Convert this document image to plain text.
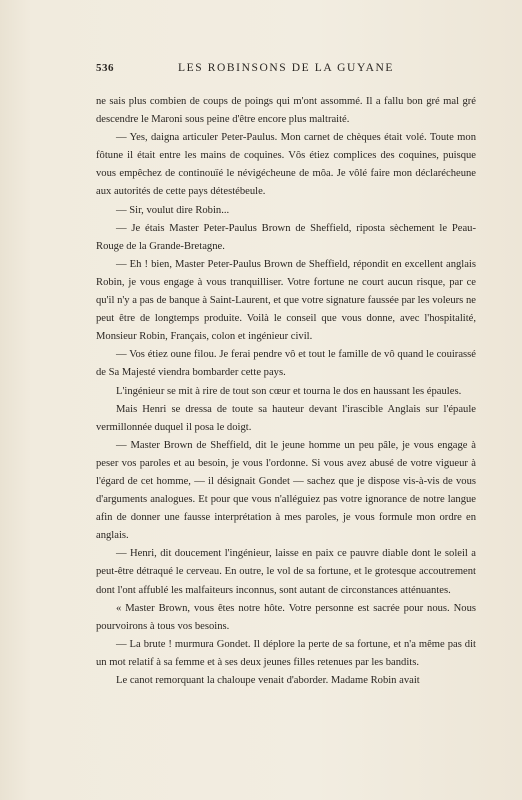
536	LES ROBINSONS DE LA GUYANE

ne sais plus combien de coups de poings qui m'ont assommé. Il a fallu bon gré mal gré descendre le Maroni sous peine d'être encore plus maltraité.

— Yes, daigna articuler Peter-Paulus. Mon carnet de chèques était volé. Toute mon fôtune il était entre les mains de coquines. Vôs étiez complices des coquines, puisque vous empêchez de continouïé le névigécheune de môa. Je vôlé faire mon déclarécheune aux autorités de cette pays détestébeule.

— Sir, voulut dire Robin...

— Je étais Master Peter-Paulus Brown de Sheffield, riposta sèchement le Peau-Rouge de la Grande-Bretagne.

— Eh ! bien, Master Peter-Paulus Brown de Sheffield, répondit en excellent anglais Robin, je vous engage à vous tranquilliser. Votre fortune ne court aucun risque, par ce qu'il n'y a pas de banque à Saint-Laurent, et que votre signature faussée par les voleurs ne peut être de longtemps produite. Voilà le conseil que vous donne, avec l'hospitalité, Monsieur Robin, Français, colon et ingénieur civil.

— Vos étiez oune filou. Je ferai pendre vô et tout le famille de vô quand le couirassé de Sa Majesté viendra bombarder cette pays.

L'ingénieur se mit à rire de tout son cœur et tourna le dos en haussant les épaules.

Mais Henri se dressa de toute sa hauteur devant l'irascible Anglais sur l'épaule vermillonnée duquel il posa le doigt.

— Master Brown de Sheffield, dit le jeune homme un peu pâle, je vous engage à peser vos paroles et au besoin, je vous l'ordonne. Si vous avez abusé de votre vigueur à l'égard de cet homme, — il désignait Gondet — sachez que je dispose vis-à-vis de vous d'arguments analogues. Et pour que vous n'alléguiez pas votre ignorance de notre langue afin de donner une fausse interprétation à mes paroles, je vous formule mon ordre en anglais.

— Henri, dit doucement l'ingénieur, laisse en paix ce pauvre diable dont le soleil a peut-être détraqué le cerveau. En outre, le vol de sa fortune, et le grotesque accoutrement dont l'ont affublé les malfaiteurs inconnus, sont autant de circonstances atténuantes.

« Master Brown, vous êtes notre hôte. Votre personne est sacrée pour nous. Nous pourvoirons à tous vos besoins.

— La brute ! murmura Gondet. Il déplore la perte de sa fortune, et n'a même pas dit un mot relatif à sa femme et à ses deux jeunes filles retenues par les bandits.

Le canot remorquant la chaloupe venait d'aborder. Madame Robin avait
